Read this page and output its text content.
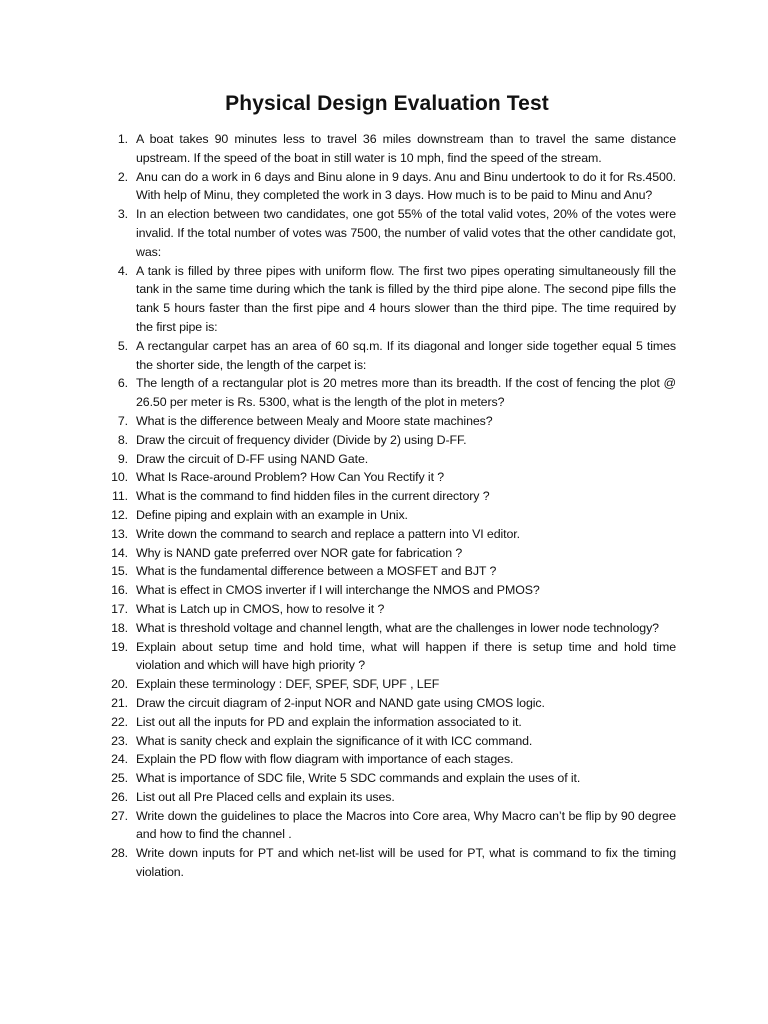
Physical Design Evaluation Test
1. A boat takes 90 minutes less to travel 36 miles downstream than to travel the same distance upstream. If the speed of the boat in still water is 10 mph, find the speed of the stream.
2. Anu can do a work in 6 days and Binu alone in 9 days. Anu and Binu undertook to do it for Rs.4500. With help of Minu, they completed the work in 3 days. How much is to be paid to Minu and Anu?
3. In an election between two candidates, one got 55% of the total valid votes, 20% of the votes were invalid. If the total number of votes was 7500, the number of valid votes that the other candidate got, was:
4. A tank is filled by three pipes with uniform flow. The first two pipes operating simultaneously fill the tank in the same time during which the tank is filled by the third pipe alone. The second pipe fills the tank 5 hours faster than the first pipe and 4 hours slower than the third pipe. The time required by the first pipe is:
5. A rectangular carpet has an area of 60 sq.m. If its diagonal and longer side together equal 5 times the shorter side, the length of the carpet is:
6. The length of a rectangular plot is 20 metres more than its breadth. If the cost of fencing the plot @ 26.50 per meter is Rs. 5300, what is the length of the plot in meters?
7. What is the difference between Mealy and Moore state machines?
8. Draw the circuit of frequency divider (Divide by 2) using D-FF.
9. Draw the circuit of D-FF using NAND Gate.
10. What Is Race-around Problem? How Can You Rectify it ?
11. What is the command to find hidden files in the current directory ?
12. Define piping and explain with an example in Unix.
13. Write down the command to search and replace a pattern into VI editor.
14. Why is NAND gate preferred over NOR gate for fabrication ?
15. What is the fundamental difference between a MOSFET and BJT ?
16. What is effect in CMOS inverter if I will interchange the NMOS and PMOS?
17. What is Latch up in CMOS, how to resolve it ?
18. What is threshold voltage and channel length, what are the challenges in lower node technology?
19. Explain about setup time and hold time, what will happen if there is setup time and hold time violation and which will have high priority ?
20. Explain these terminology : DEF, SPEF, SDF, UPF , LEF
21. Draw the circuit diagram of 2-input NOR and NAND gate using CMOS logic.
22. List out all the inputs for PD and explain the information associated to it.
23. What is sanity check and explain the significance of it with ICC command.
24. Explain the PD flow with flow diagram with importance of each stages.
25. What is importance of SDC file, Write 5 SDC commands and explain the uses of it.
26. List out all Pre Placed cells and explain its uses.
27. Write down the guidelines to place the Macros into Core area, Why Macro can’t be flip by 90 degree and how to find the channel .
28. Write down inputs for PT and which net-list will be used for PT, what is command to fix the timing violation.
